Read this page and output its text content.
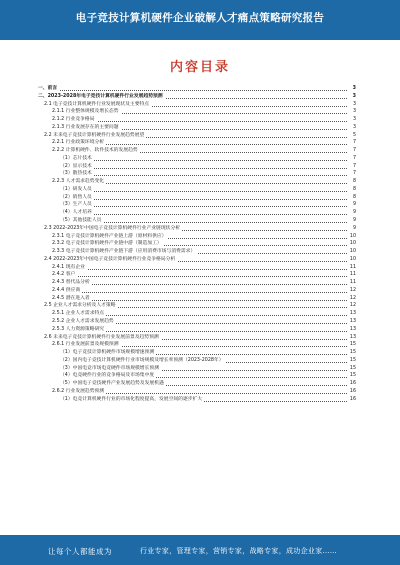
电子竞技计算机硬件企业破解人才痛点策略研究报告
内容目录
一、前言	3
二、2023-2028年电子竞技计算机硬件行业发展趋势预测	3
2.1 电子竞技计算机硬件行业发展现状及主要特点	3
2.1.1 行业整体规模及增长态势	3
2.1.2 行业竞争格局	3
2.1.3 行业发展存在的主要问题	3
2.2 未来电子竞技计算机硬件行业发展趋势展望	5
2.2.1 行业政策环境分析	7
2.2.2 计算机硬件、软件技术的发展趋势	7
（1）芯片技术	7
（2）显示技术	7
（3）散热技术	7
2.2.3 人才需求趋势变化	8
（1）研发人员	8
（2）销售人员	8
（3）生产人员	9
（4）人才培养	9
（5）其他技能人员	9
2.3 2022-2023年中国电子竞技计算机硬件行业产业链现状分析	9
2.3.1 电子竞技计算机硬件产业链上游（原材料供应）	10
2.3.2 电子竞技计算机硬件产业链中游（制造加工）	10
2.3.3 电子竞技计算机硬件产业链下游（应用消费市场与消费需求）	10
2.4 2022-2023年中国电子竞技计算机硬件行业竞争格局分析	10
2.4.1 现有企业	11
2.4.2 客户	11
2.4.3 替代品分析	11
2.4.4 供应商	12
2.4.5 潜在进入者	12
2.5 企业人才需求分析及人才策略	12
2.5.1 企业人才需求特点	13
2.5.2 企业人才需求发展趋势	13
2.5.3 人力资源策略研究	13
2.6 未来电子竞技计算机硬件行业发展前景及趋势预测	13
2.6.1 行业发展前景及规模预测	15
（1）电子竞技计算机硬件市场规模增速预测	15
（2）国内电子竞技计算机硬件行业市场规模及增长率预测（2023-2028年）	15
（3）中国电竞市场电竞硬件市场规模增长预测	15
（4）电竞硬件行业的竞争格局及市场集中度	15
（5）中国电子竞技硬件产业发展趋势及发展机遇	16
2.6.2 行业发展趋势预测	16
（1）电竞计算机硬件行业的市场化程度提高，发展空间的逐步扩大	16
让每个人都能成为	行业专家，管理专家，营销专家，战略专家，成功企业家……
